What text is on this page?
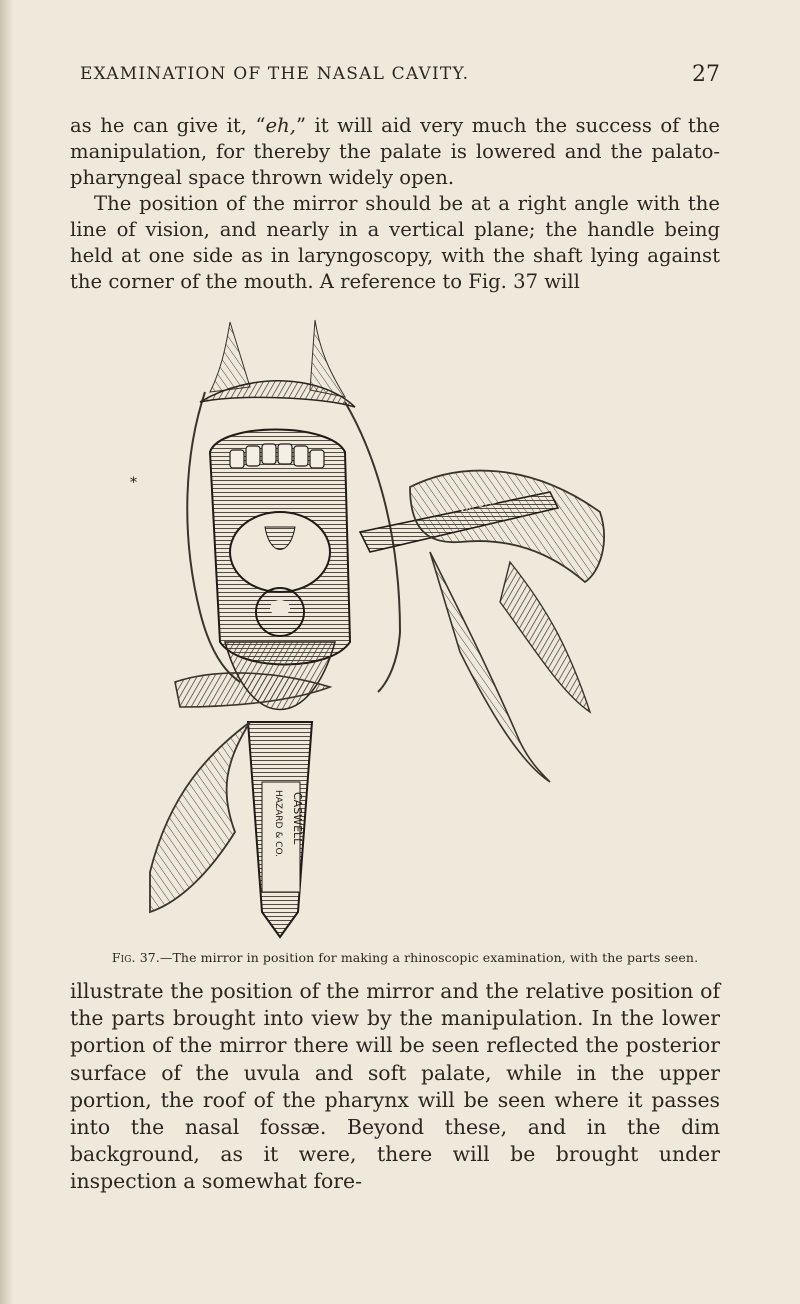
EXAMINATION OF THE NASAL CAVITY.	27

as he can give it, “eh,” it will aid very much the success of the manipulation, for thereby the palate is lowered and the palato-pharyngeal space thrown widely open.

The position of the mirror should be at a right angle with the line of vision, and nearly in a vertical plane; the handle being held at one side as in laryngoscopy, with the shaft lying against the corner of the mouth. A reference to Fig. 37 will

CASWELL
HAZARD & CO.
*
Fig. 37.—The mirror in position for making a rhinoscopic examination, with the parts seen.

illustrate the position of the mirror and the relative position of the parts brought into view by the manipulation. In the lower portion of the mirror there will be seen reflected the posterior surface of the uvula and soft palate, while in the upper portion, the roof of the pharynx will be seen where it passes into the nasal fossæ. Beyond these, and in the dim background, as it were, there will be brought under inspection a somewhat fore-
